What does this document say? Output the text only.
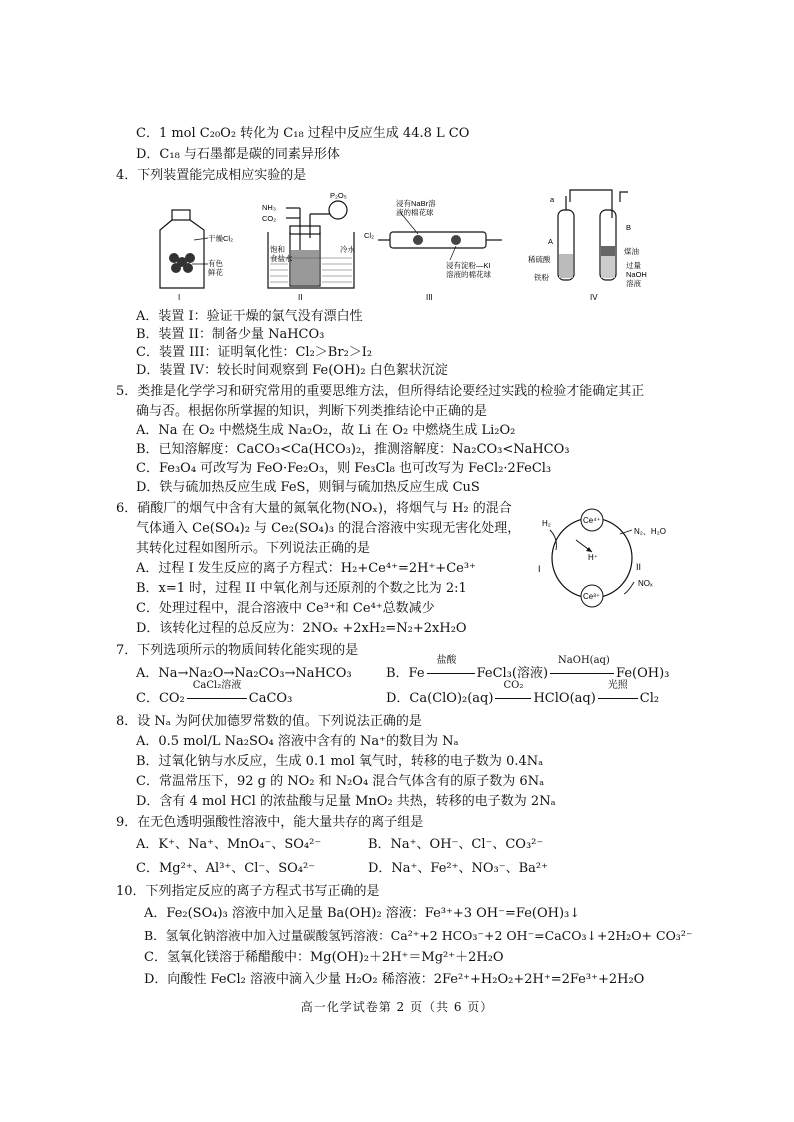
C．1 mol C₂₀O₂ 转化为 C₁₈ 过程中反应生成 44.8 L CO
D．C₁₈ 与石墨都是碳的同素异形体
4．下列装置能完成相应实验的是
干燥Cl₂
有色鲜花
I
NH₃
CO₂
P₂O₅
饱和食盐水
冷水
II
Cl₂
浸有NaBr溶液的棉花球
浸有淀粉—KI 溶液的棉花球
III
a
A
B
稀硫酸
铁粉
煤油
过量 NaOH 溶液
IV
A．装置 I：验证干燥的氯气没有漂白性
B．装置 II：制备少量 NaHCO₃
C．装置 III：证明氧化性：Cl₂＞Br₂＞I₂
D．装置 IV：较长时间观察到 Fe(OH)₂ 白色絮状沉淀
5．类推是化学学习和研究常用的重要思维方法，但所得结论要经过实践的检验才能确定其正
确与否。根据你所掌握的知识，判断下列类推结论中正确的是
A．Na 在 O₂ 中燃烧生成 Na₂O₂，故 Li 在 O₂ 中燃烧生成 Li₂O₂
B．已知溶解度：CaCO₃<Ca(HCO₃)₂，推测溶解度：Na₂CO₃<NaHCO₃
C．Fe₃O₄ 可改写为 FeO·Fe₂O₃，则 Fe₃Cl₈ 也可改写为 FeCl₂·2FeCl₃
D．铁与硫加热反应生成 FeS，则铜与硫加热反应生成 CuS
6．硝酸厂的烟气中含有大量的氮氧化物(NOₓ)，将烟气与 H₂ 的混合
气体通入 Ce(SO₄)₂ 与 Ce₂(SO₄)₃ 的混合溶液中实现无害化处理，
其转化过程如图所示。下列说法正确的是
A．过程 I 发生反应的离子方程式：H₂+Ce⁴⁺=2H⁺+Ce³⁺
B．x=1 时，过程 II 中氧化剂与还原剂的个数之比为 2:1
C．处理过程中，混合溶液中 Ce³⁺和 Ce⁴⁺总数减少
D．该转化过程的总反应为：2NOₓ +2xH₂=N₂+2xH₂O
Ce⁴⁺
Ce³⁺
H⁺
H₂
I	II
N₂、H₂O
NOₓ
7．下列选项所示的物质间转化能实现的是
A．Na→Na₂O→Na₂CO₃→NaHCO₃	B．Fe
盐酸
FeCl₃(溶液)
NaOH(aq)
Fe(OH)₃
C．CO₂
CaCl₂溶液
CaCO₃	D．Ca(ClO)₂(aq)
CO₂
HClO(aq)
光照
Cl₂
8．设 Nₐ 为阿伏加德罗常数的值。下列说法正确的是
A．0.5 mol/L Na₂SO₄ 溶液中含有的 Na⁺的数目为 Nₐ
B．过氧化钠与水反应，生成 0.1 mol 氧气时，转移的电子数为 0.4Nₐ
C．常温常压下，92 g 的 NO₂ 和 N₂O₄ 混合气体含有的原子数为 6Nₐ
D．含有 4 mol HCl 的浓盐酸与足量 MnO₂ 共热，转移的电子数为 2Nₐ
9．在无色透明强酸性溶液中，能大量共存的离子组是
A．K⁺、Na⁺、MnO₄⁻、SO₄²⁻	B．Na⁺、OH⁻、Cl⁻、CO₃²⁻
C．Mg²⁺、Al³⁺、Cl⁻、SO₄²⁻	D．Na⁺、Fe²⁺、NO₃⁻、Ba²⁺
10．下列指定反应的离子方程式书写正确的是
A．Fe₂(SO₄)₃ 溶液中加入足量 Ba(OH)₂ 溶液：Fe³⁺+3 OH⁻=Fe(OH)₃↓
B．氢氧化钠溶液中加入过量碳酸氢钙溶液：Ca²⁺+2 HCO₃⁻+2 OH⁻=CaCO₃↓+2H₂O+ CO₃²⁻
C．氢氧化镁溶于稀醋酸中：Mg(OH)₂＋2H⁺＝Mg²⁺＋2H₂O
D．向酸性 FeCl₂ 溶液中滴入少量 H₂O₂ 稀溶液：2Fe²⁺+H₂O₂+2H⁺=2Fe³⁺+2H₂O
高一化学试卷第 2 页（共 6 页）
